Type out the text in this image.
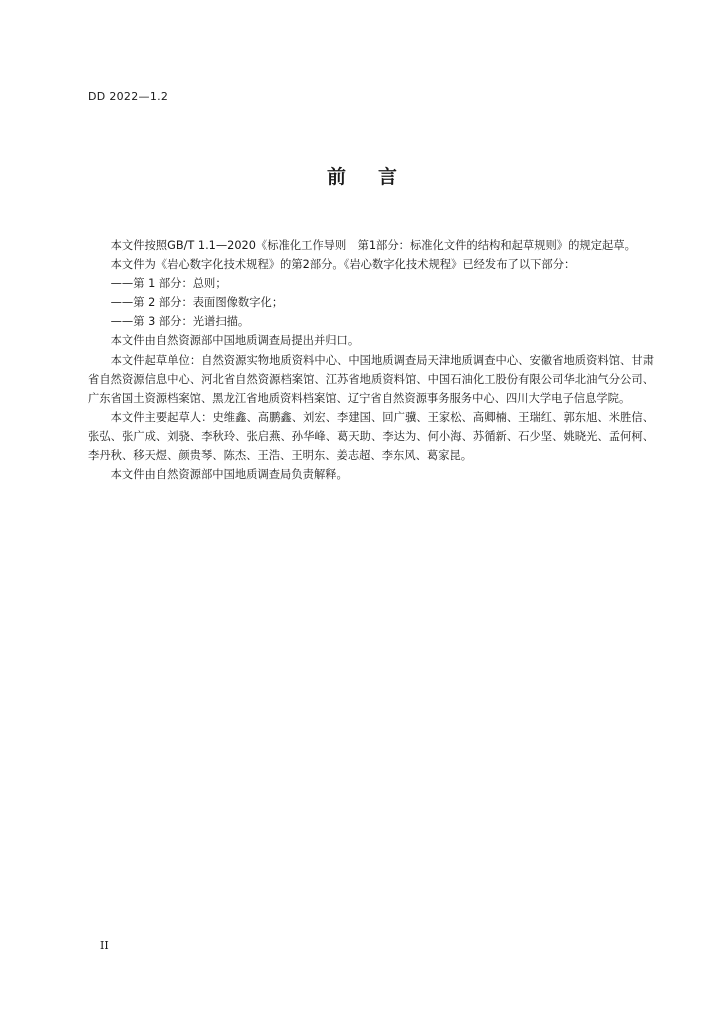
DD 2022—1.2
前 言

本文件按照GB/T 1.1—2020《标准化工作导则　第1部分：标准化文件的结构和起草规则》的规定起草。

本文件为《岩心数字化技术规程》的第2部分。《岩心数字化技术规程》已经发布了以下部分：

——第 1 部分：总则；

——第 2 部分：表面图像数字化；

——第 3 部分：光谱扫描。

本文件由自然资源部中国地质调查局提出并归口。

本文件起草单位：自然资源实物地质资料中心、中国地质调查局天津地质调查中心、安徽省地质资料馆、甘肃省自然资源信息中心、河北省自然资源档案馆、江苏省地质资料馆、中国石油化工股份有限公司华北油气分公司、广东省国土资源档案馆、黑龙江省地质资料档案馆、辽宁省自然资源事务服务中心、四川大学电子信息学院。

本文件主要起草人：史维鑫、高鹏鑫、刘宏、李建国、回广骥、王家松、高卿楠、王瑞红、郭东旭、米胜信、张弘、张广成、刘骁、李秋玲、张启燕、孙华峰、葛天助、李达为、何小海、苏循新、石少坚、姚晓光、孟何柯、李丹秋、移天煜、颜贵琴、陈杰、王浩、王明东、姜志超、李东风、葛家昆。

本文件由自然资源部中国地质调查局负责解释。

II
